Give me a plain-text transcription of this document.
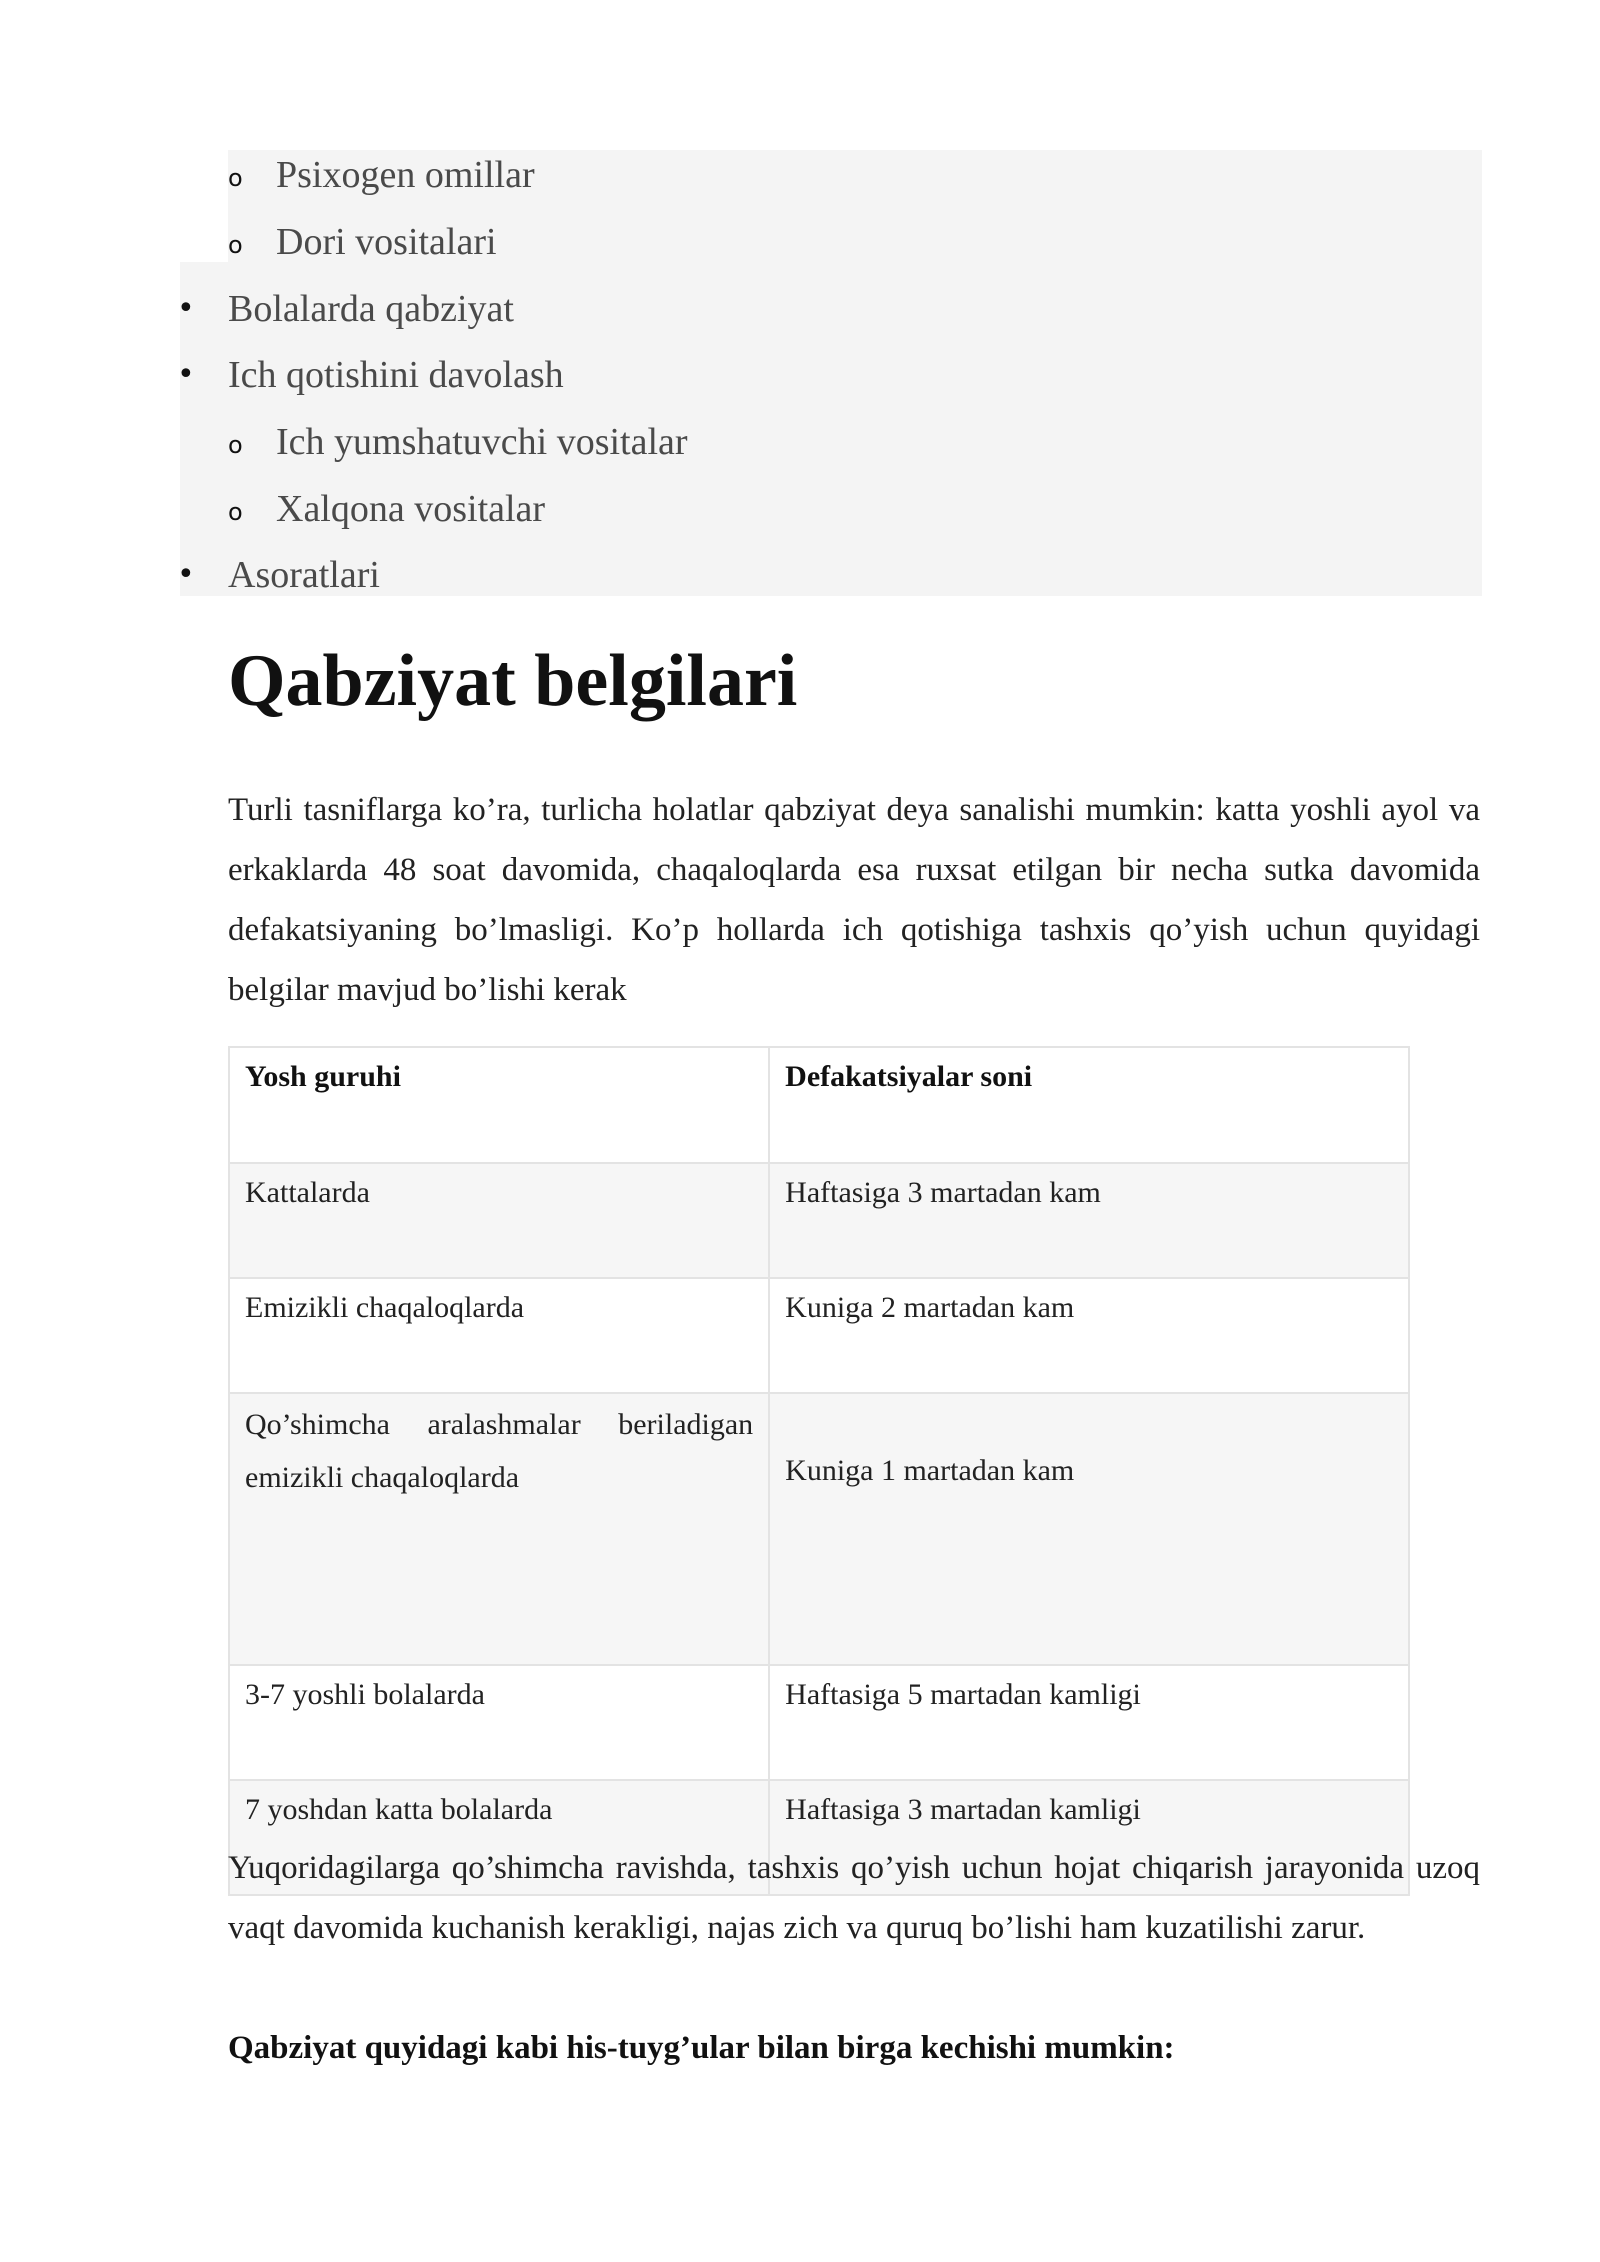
o Psixogen omillar
o Dori vositalari
• Bolalarda qabziyat
• Ich qotishini davolash
o Ich yumshatuvchi vositalar
o Xalqona vositalar
• Asoratlari
Qabziyat belgilari

Turli tasniflarga ko’ra, turlicha holatlar qabziyat deya sanalishi mumkin: katta yoshli ayol va erkaklarda 48 soat davomida, chaqaloqlarda esa ruxsat etilgan bir necha sutka davomida defakatsiyaning bo’lmasligi. Ko’p hollarda ich qotishiga tashxis qo’yish uchun quyidagi belgilar mavjud bo’lishi kerak

Yosh guruhi	Defakatsiyalar soni
Kattalarda	Haftasiga 3 martadan kam
Emizikli chaqaloqlarda	Kuniga 2 martadan kam

Qo’shimcha aralashmalar beriladigan emizikli chaqaloqlarda	Kuniga 1 martadan kam
3-7 yoshli bolalarda	Haftasiga 5 martadan kamligi
7 yoshdan katta bolalarda	Haftasiga 3 martadan kamligi

Yuqoridagilarga qo’shimcha ravishda, tashxis qo’yish uchun hojat chiqarish jarayonida uzoq vaqt davomida kuchanish kerakligi, najas zich va quruq bo’lishi ham kuzatilishi zarur.

Qabziyat quyidagi kabi his-tuyg’ular bilan birga kechishi mumkin:
